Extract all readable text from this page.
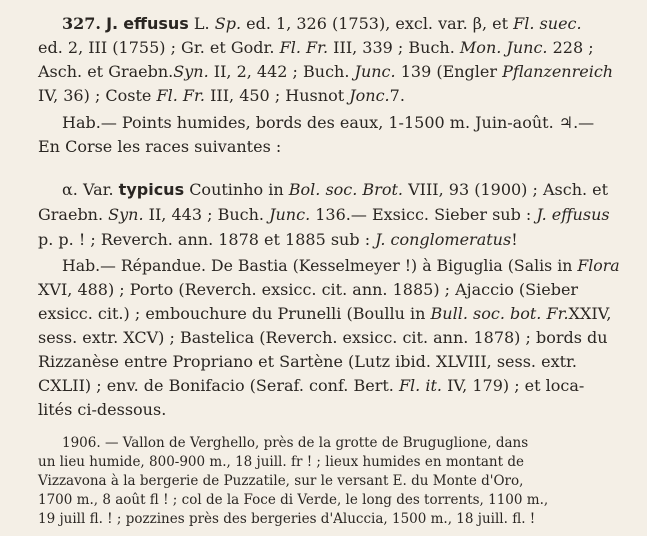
327. J. effusus L. Sp. ed. 1, 326 (1753), excl. var. β, et Fl. suec.
ed. 2, III (1755) ; Gr. et Godr. Fl. Fr. III, 339 ; Buch. Mon. Junc. 228 ;
Asch. et Graebn.Syn. II, 2, 442 ; Buch. Junc. 139 (Engler Pflanzenreich
IV, 36) ; Coste Fl. Fr. III, 450 ; Husnot Jonc.7.
Hab.— Points humides, bords des eaux, 1-1500 m. Juin-août. ♃.—
En Corse les races suivantes :
α. Var. typicus Coutinho in Bol. soc. Brot. VIII, 93 (1900) ; Asch. et
Graebn. Syn. II, 443 ; Buch. Junc. 136.— Exsicc. Sieber sub : J. effusus
p. p. ! ; Reverch. ann. 1878 et 1885 sub : J. conglomeratus!
Hab.— Répandue. De Bastia (Kesselmeyer !) à Biguglia (Salis in Flora
XVI, 488) ; Porto (Reverch. exsicc. cit. ann. 1885) ; Ajaccio (Sieber
exsicc. cit.) ; embouchure du Prunelli (Boullu in Bull. soc. bot. Fr.XXIV,
sess. extr. XCV) ; Bastelica (Reverch. exsicc. cit. ann. 1878) ; bords du
Rizzanèse entre Propriano et Sartène (Lutz ibid. XLVIII, sess. extr.
CXLII) ; env. de Bonifacio (Seraf. conf. Bert. Fl. it. IV, 179) ; et loca-
lités ci-dessous.
1906. — Vallon de Verghello, près de la grotte de Bruguglione, dans
un lieu humide, 800-900 m., 18 juill. fr ! ; lieux humides en montant de
Vizzavona à la bergerie de Puzzatile, sur le versant E. du Monte d'Oro,
1700 m., 8 août fl ! ; col de la Foce di Verde, le long des torrents, 1100 m.,
19 juill fl. ! ; pozzines près des bergeries d'Aluccia, 1500 m., 18 juill. fl. !
